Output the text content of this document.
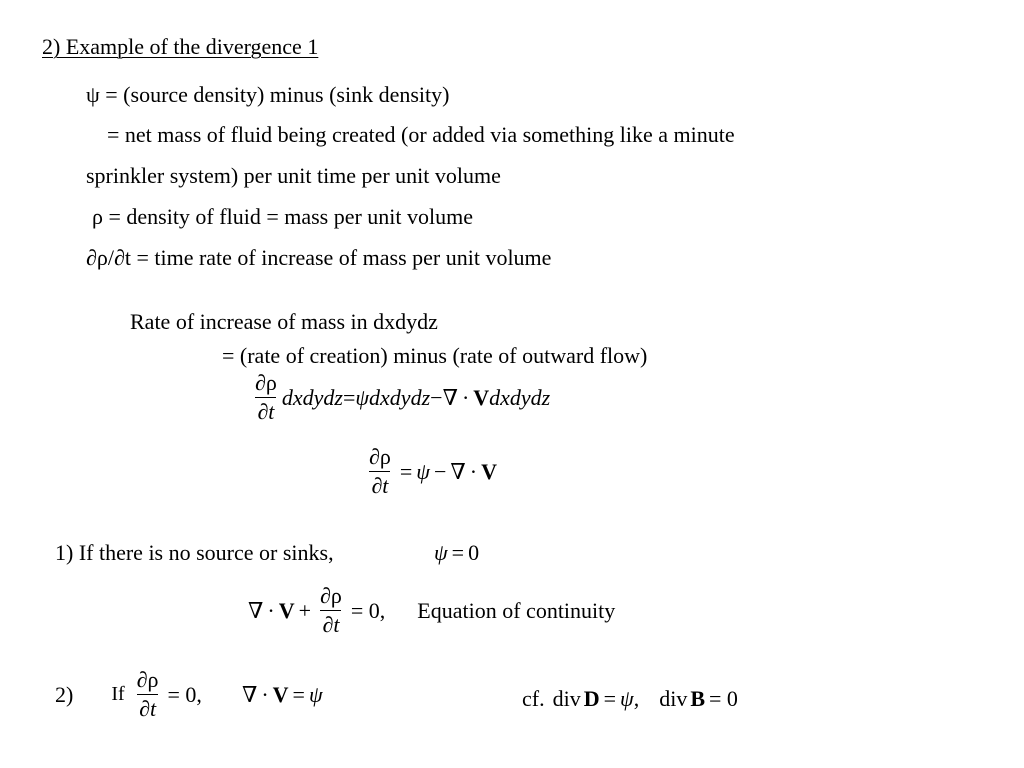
2) Example of the divergence 1
ψ = (source density) minus (sink density)
= net mass of fluid being created (or added via something like a minute
sprinkler system) per unit time per unit volume
ρ = density of fluid = mass per unit volume
∂ρ/∂t = time rate of increase of mass per unit volume
Rate of increase of mass in dxdydz
= (rate of creation) minus (rate of outward flow)
$\frac{\partial\rho}{\partial t}$ dxdydz = ψ dxdydz − ∇ · V dxdydz
$\frac{\partial\rho}{\partial t} = \psi$ − ∇ · V
1) If there is no source or sinks,	ψ = 0
∇ · $V + \frac{\partial\rho}{\partial t} = 0$, Equation of continuity
2) If $\frac{\partial\rho}{\partial t} = 0$, ∇ · V = ψ	cf. div D = ψ , div B = 0
